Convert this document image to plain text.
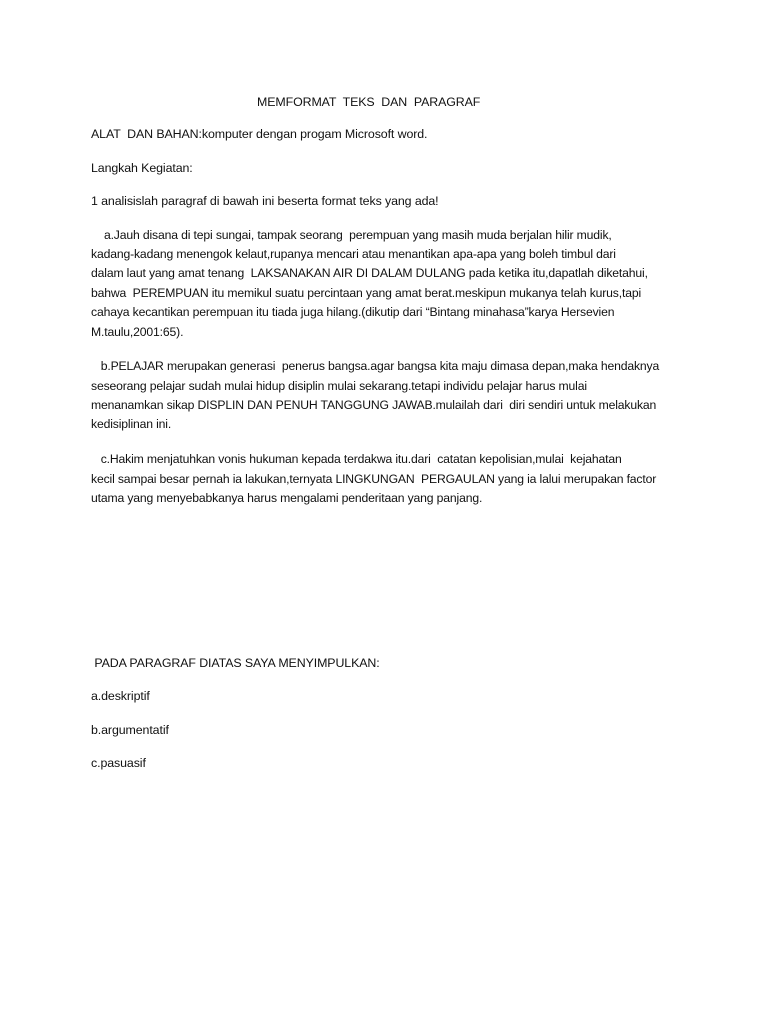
MEMFORMAT  TEKS  DAN  PARAGRAF
ALAT  DAN BAHAN:komputer dengan progam Microsoft word.
Langkah Kegiatan:
1 analisislah paragraf di bawah ini beserta format teks yang ada!
a.Jauh disana di tepi sungai, tampak seorang  perempuan yang masih muda berjalan hilir mudik,
kadang-kadang menengok kelaut,rupanya mencari atau menantikan apa-apa yang boleh timbul dari
dalam laut yang amat tenang  LAKSANAKAN AIR DI DALAM DULANG pada ketika itu,dapatlah diketahui,
bahwa  PEREMPUAN itu memikul suatu percintaan yang amat berat.meskipun mukanya telah kurus,tapi
cahaya kecantikan perempuan itu tiada juga hilang.(dikutip dari “Bintang minahasa”karya Hersevien
M.taulu,2001:65).
b.PELAJAR merupakan generasi  penerus bangsa.agar bangsa kita maju dimasa depan,maka hendaknya
seseorang pelajar sudah mulai hidup disiplin mulai sekarang.tetapi individu pelajar harus mulai
menanamkan sikap DISPLIN DAN PENUH TANGGUNG JAWAB.mulailah dari  diri sendiri untuk melakukan
kedisiplinan ini.
c.Hakim menjatuhkan vonis hukuman kepada terdakwa itu.dari  catatan kepolisian,mulai  kejahatan
kecil sampai besar pernah ia lakukan,ternyata LINGKUNGAN  PERGAULAN yang ia lalui merupakan factor
utama yang menyebabkanya harus mengalami penderitaan yang panjang.
PADA PARAGRAF DIATAS SAYA MENYIMPULKAN:
a.deskriptif
b.argumentatif
c.pasuasif
